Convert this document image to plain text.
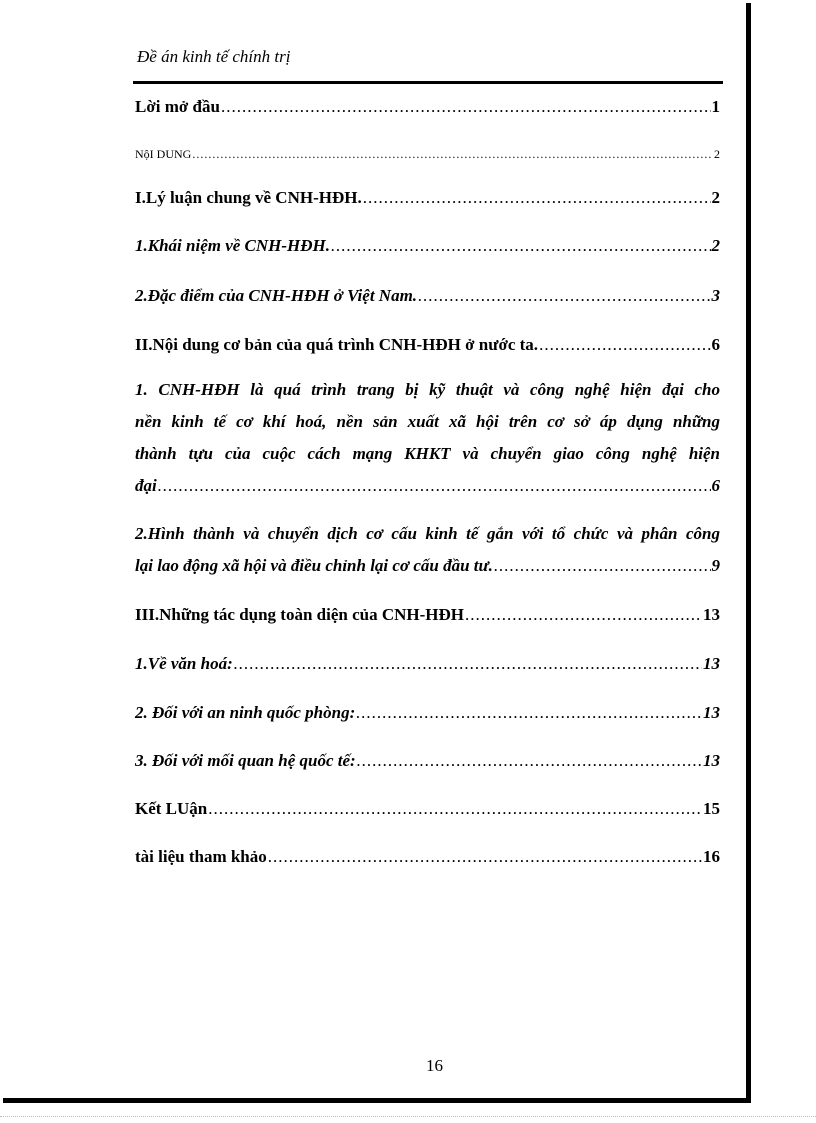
Đề án kinh tế chính trị
Lời mở đầu .....	1
NộI DUNG .....	2
I.Lý luận chung về CNH-HĐH. .....	2
1.Khái niệm về CNH-HĐH. .....	2
2.Đặc điểm của CNH-HĐH ở Việt Nam. .....	3
II.Nội dung cơ bản của quá trình CNH-HĐH ở nước ta. .....	6

1. CNH-HĐH là quá trình trang bị kỹ thuật và công nghệ hiện đại cho

nền kinh tế cơ khí hoá, nền sản xuất xã hội trên cơ sở áp dụng những

thành tựu của cuộc cách mạng KHKT và chuyển giao công nghệ hiện

đại .....	6

2.Hình thành và chuyển dịch cơ cấu kinh tế gắn với tổ chức và phân công

lại lao động xã hội và điều chỉnh lại cơ cấu đầu tư. .....	9
III.Những tác dụng toàn diện của CNH-HĐH .....	13
1.Về văn hoá: .....	13
2. Đối với an ninh quốc phòng: .....	13
3. Đối với mối quan hệ quốc tế: .....	13
Kết LUận .....	15
tài liệu tham khảo .....	16
16
